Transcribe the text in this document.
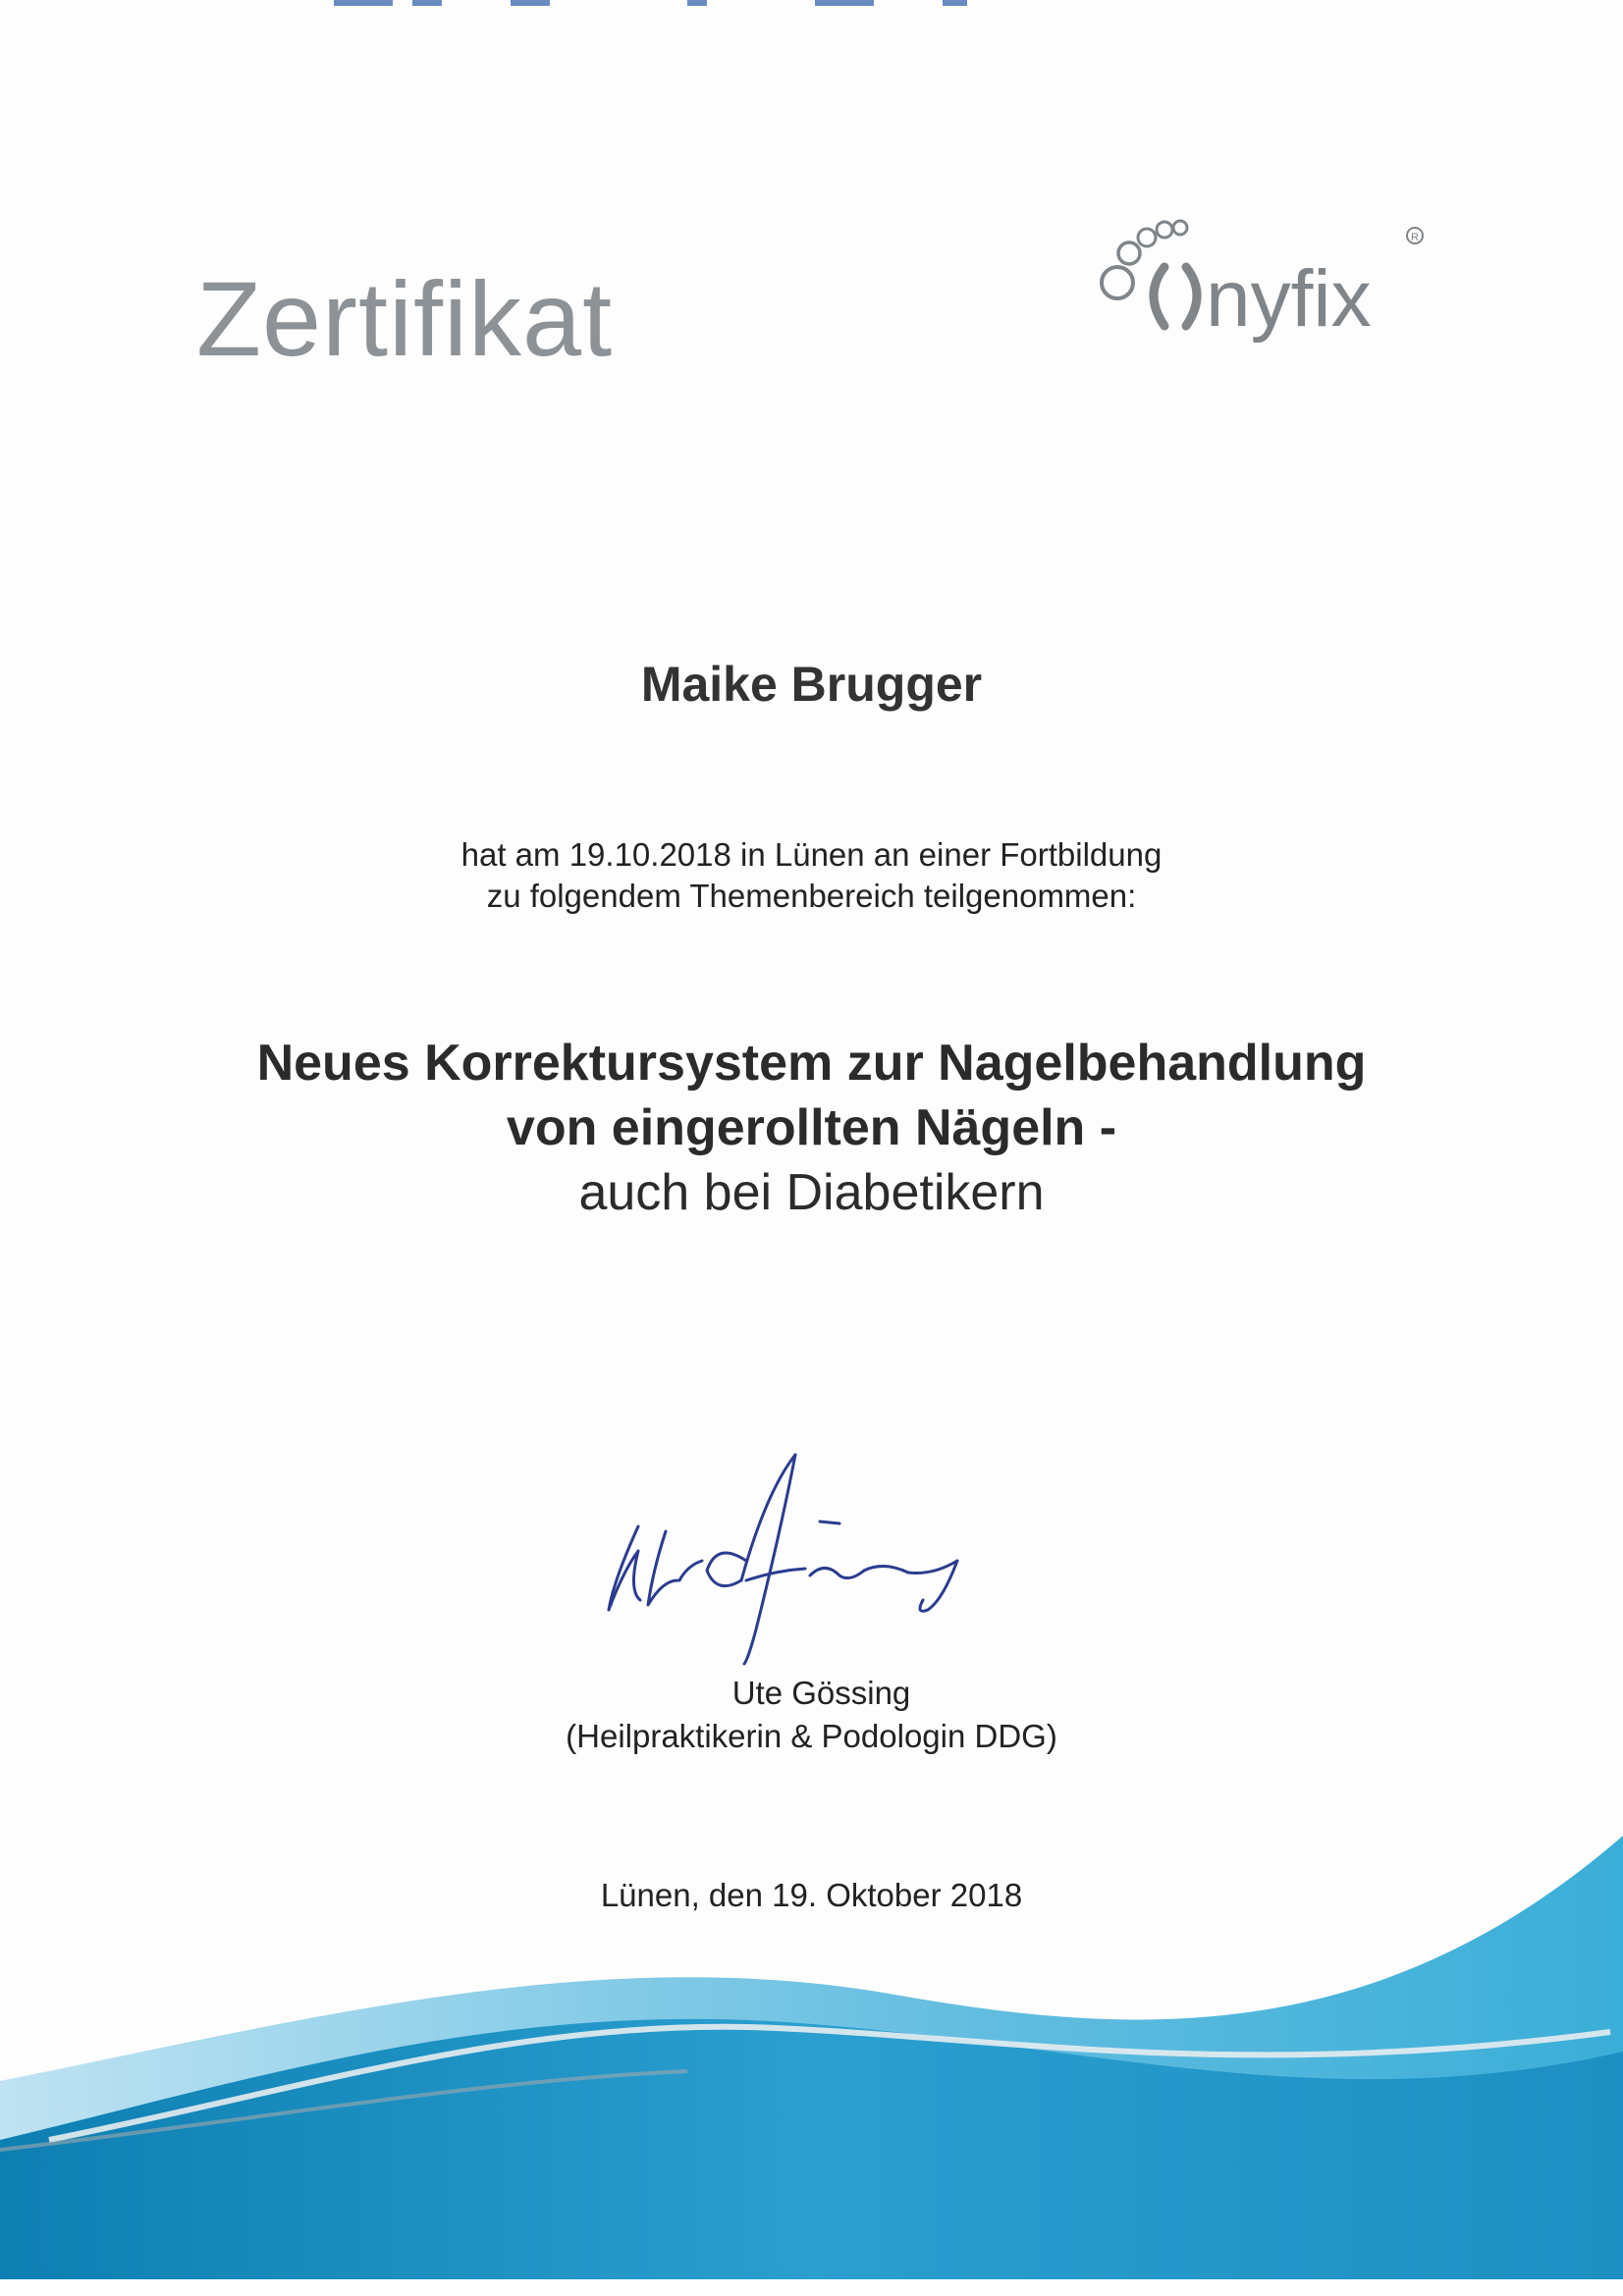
Zertifikat	nyfix
R
Maike Brugger
hat am 19.10.2018 in Lünen an einer Fortbildung
zu folgendem Themenbereich teilgenommen:
Neues Korrektursystem zur Nagelbehandlung
von eingerollten Nägeln -
auch bei Diabetikern
Ute Gössing
(Heilpraktikerin & Podologin DDG)
Lünen, den 19. Oktober 2018
